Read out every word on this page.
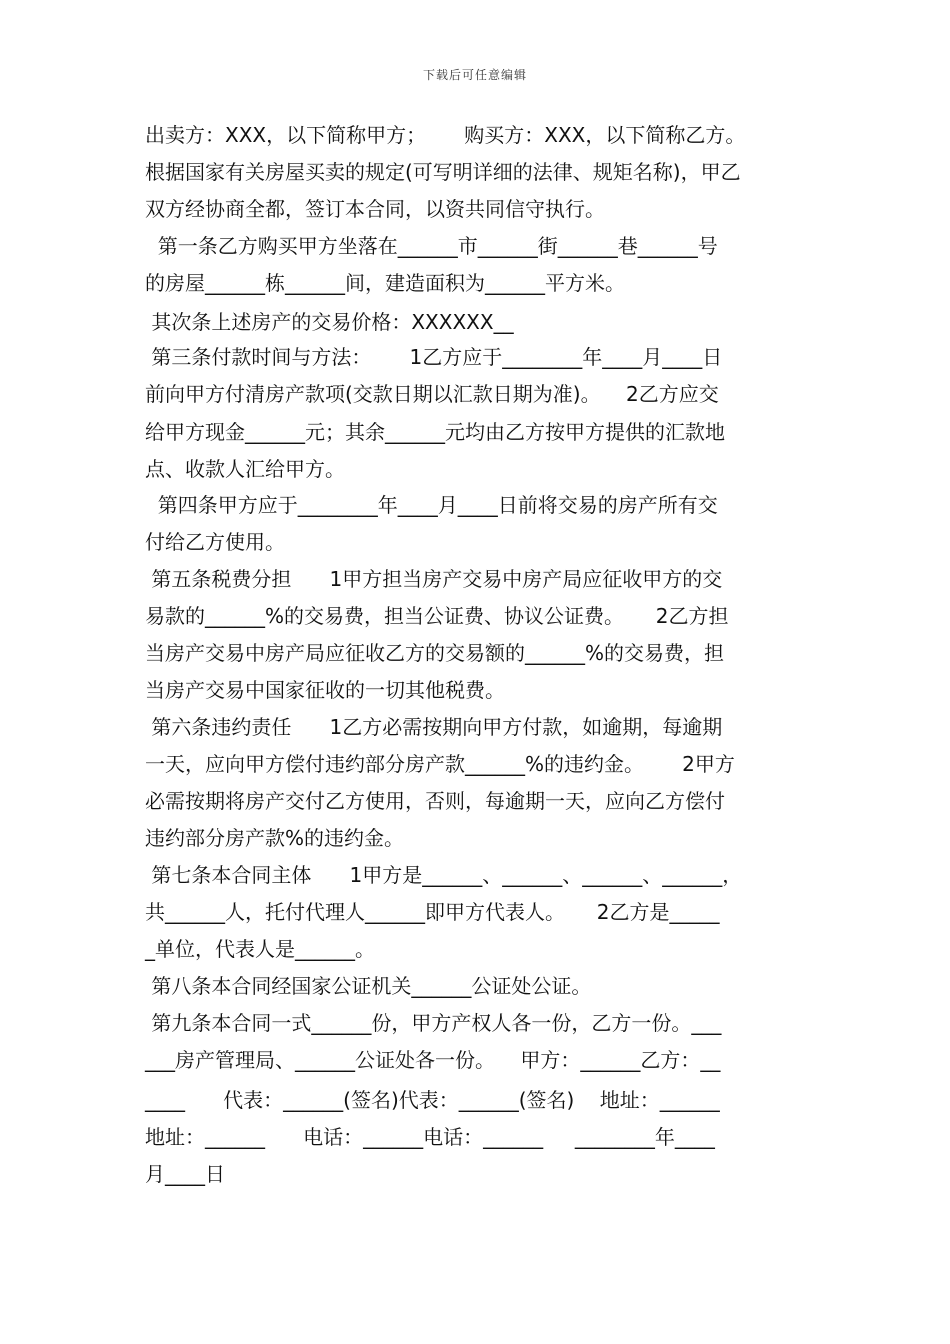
下载后可任意编辑
出卖方：XXX，以下简称甲方；      购买方：XXX，以下简称乙方。
根据国家有关房屋买卖的规定(可写明详细的法律、规矩名称)，甲乙
双方经协商全都，签订本合同，以资共同信守执行。
第一条乙方购买甲方坐落在______市______街______巷______号
的房屋______栋______间，建造面积为______平方米。
其次条上述房产的交易价格：XXXXXX__
第三条付款时间与方法：      1乙方应于________年____月____日
前向甲方付清房产款项(交款日期以汇款日期为准)。    2乙方应交
给甲方现金______元；其余______元均由乙方按甲方提供的汇款地
点、收款人汇给甲方。
第四条甲方应于________年____月____日前将交易的房产所有交
付给乙方使用。
第五条税费分担      1甲方担当房产交易中房产局应征收甲方的交
易款的______%的交易费，担当公证费、协议公证费。     2乙方担
当房产交易中房产局应征收乙方的交易额的______%的交易费，担
当房产交易中国家征收的一切其他税费。
第六条违约责任      1乙方必需按期向甲方付款，如逾期，每逾期
一天，应向甲方偿付违约部分房产款______%的违约金。      2甲方
必需按期将房产交付乙方使用，否则，每逾期一天，应向乙方偿付
违约部分房产款%的违约金。
第七条本合同主体      1甲方是______、______、______、______，
共______人，托付代理人______即甲方代表人。     2乙方是_____
_单位，代表人是______。
第八条本合同经国家公证机关______公证处公证。
第九条本合同一式______份，甲方产权人各一份，乙方一份。___
___房产管理局、______公证处各一份。    甲方：______乙方：__
____      代表：______(签名)代表：______(签名)    地址：______
地址：______      电话：______电话：______     ________年____
月____日
